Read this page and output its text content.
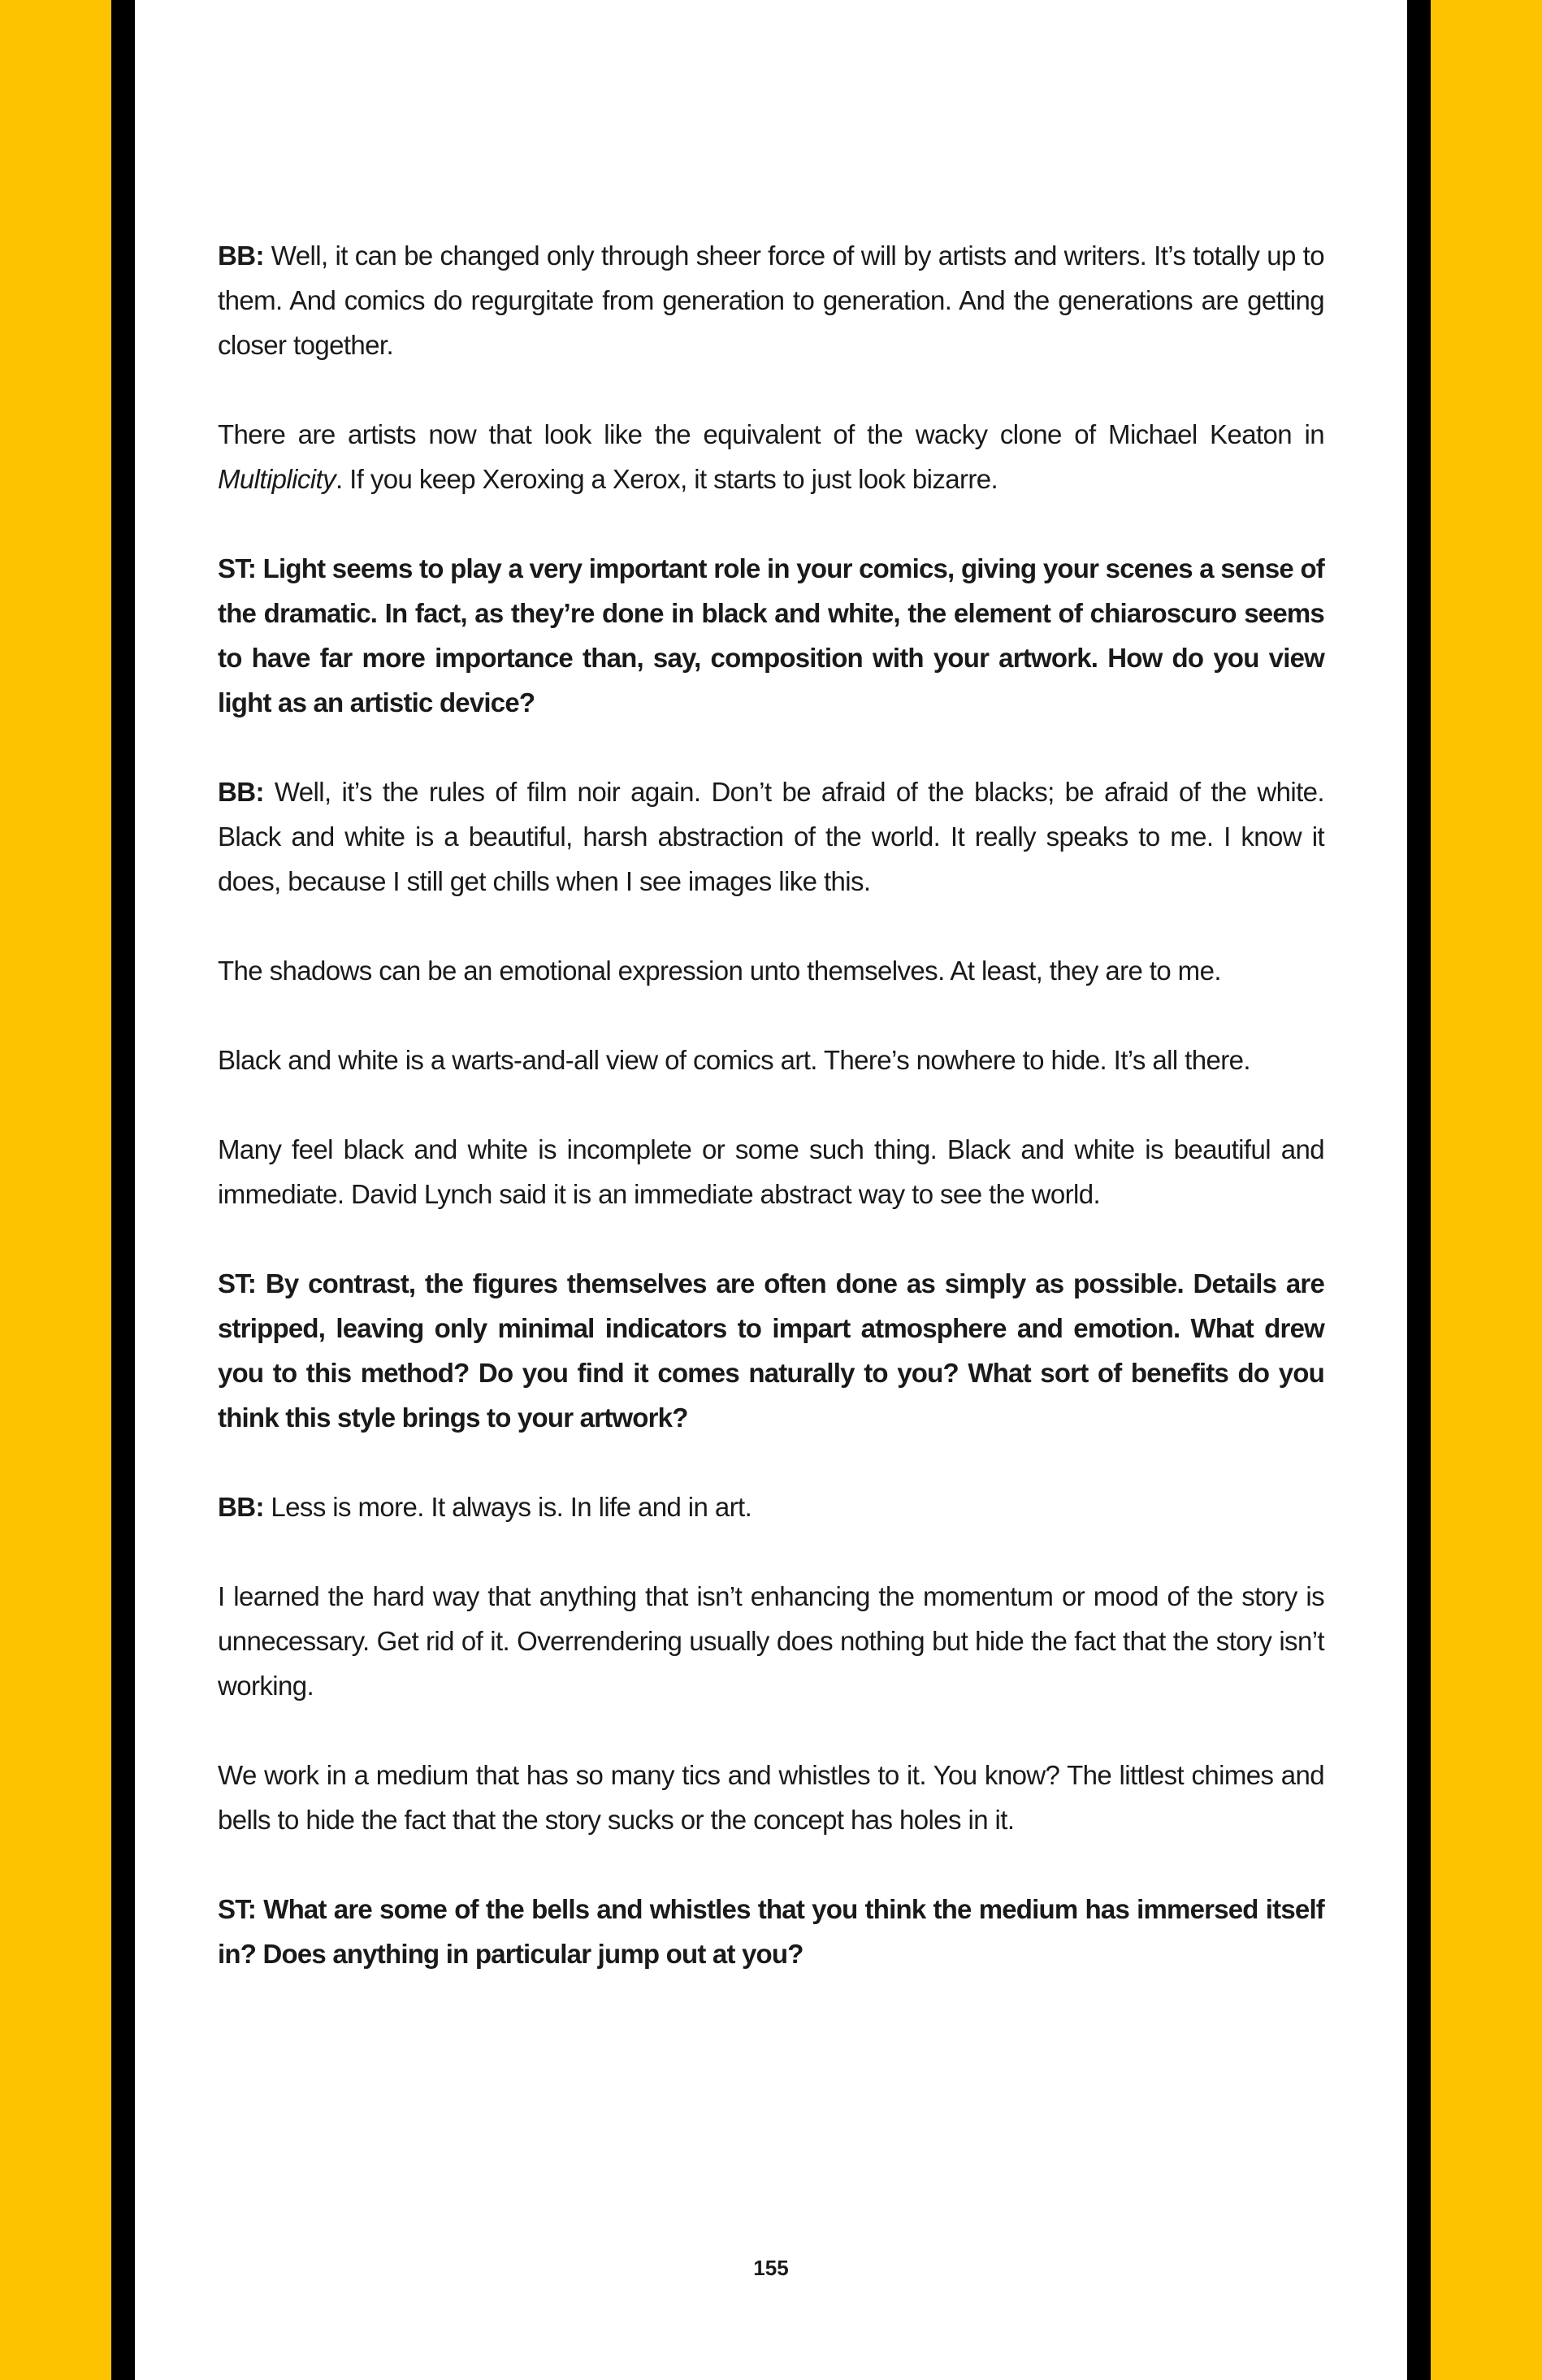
BB: Well, it can be changed only through sheer force of will by artists and writers. It’s totally up to them. And comics do regurgitate from generation to generation. And the generations are getting closer together.

There are artists now that look like the equivalent of the wacky clone of Michael Keaton in Multiplicity. If you keep Xeroxing a Xerox, it starts to just look bizarre.

ST: Light seems to play a very important role in your comics, giving your scenes a sense of the dramatic. In fact, as they’re done in black and white, the element of chiaroscuro seems to have far more importance than, say, composition with your artwork. How do you view light as an artistic device?

BB: Well, it’s the rules of film noir again. Don’t be afraid of the blacks; be afraid of the white. Black and white is a beautiful, harsh abstraction of the world. It really speaks to me. I know it does, because I still get chills when I see images like this.

The shadows can be an emotional expression unto themselves. At least, they are to me.

Black and white is a warts-and-all view of comics art. There’s nowhere to hide. It’s all there.

Many feel black and white is incomplete or some such thing. Black and white is beautiful and immediate. David Lynch said it is an immediate abstract way to see the world.

ST: By contrast, the figures themselves are often done as simply as possible. Details are stripped, leaving only minimal indicators to impart atmosphere and emotion. What drew you to this method? Do you find it comes naturally to you? What sort of benefits do you think this style brings to your artwork?

BB: Less is more. It always is. In life and in art.

I learned the hard way that anything that isn’t enhancing the momentum or mood of the story is unnecessary. Get rid of it. Overrendering usually does nothing but hide the fact that the story isn’t working.

We work in a medium that has so many tics and whistles to it. You know? The littlest chimes and bells to hide the fact that the story sucks or the concept has holes in it.

ST: What are some of the bells and whistles that you think the medium has immersed itself in? Does anything in particular jump out at you?

155
